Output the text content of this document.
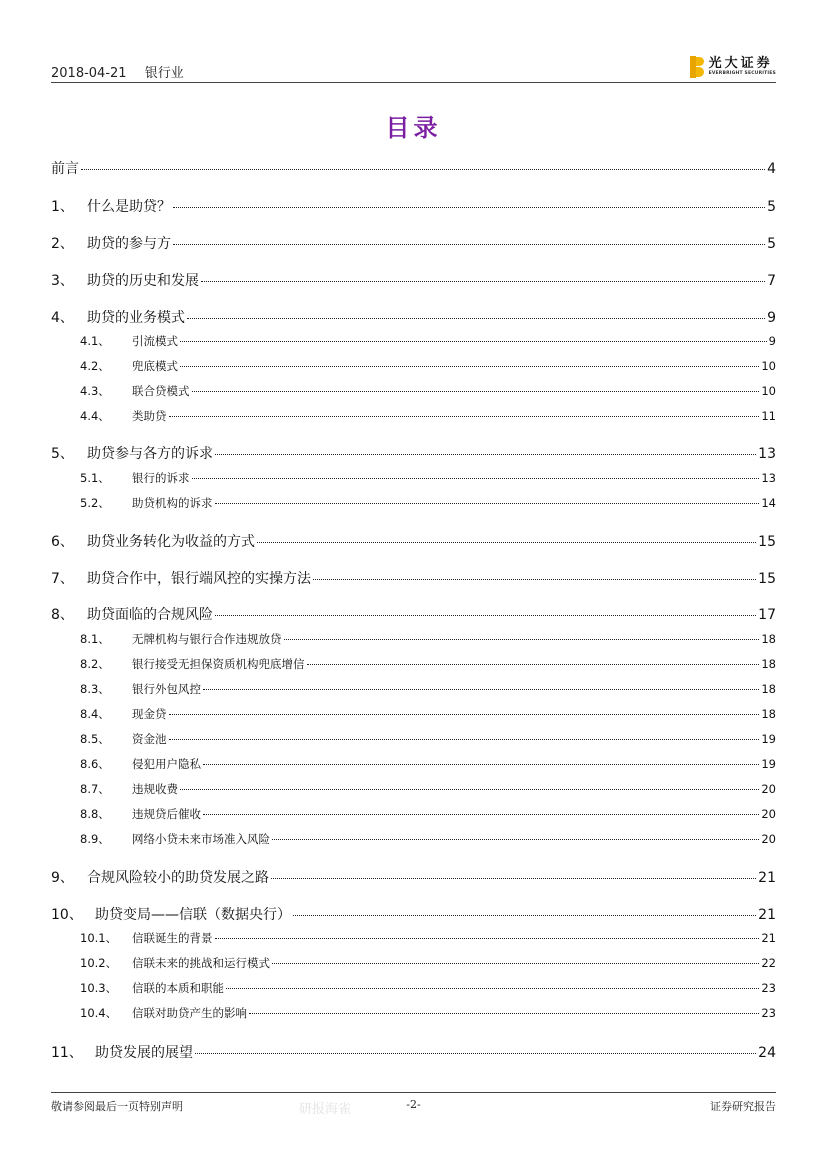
2018-04-21 银行业
光大证券
EVERBRIGHT SECURITIES
目录
前言	4
1、 什么是助贷？	5
2、 助贷的参与方	5
3、 助贷的历史和发展	7
4、 助贷的业务模式	9
4.1、	引流模式	9
4.2、	兜底模式	10
4.3、	联合贷模式	10
4.4、	类助贷	11
5、 助贷参与各方的诉求	13
5.1、	银行的诉求	13
5.2、	助贷机构的诉求	14
6、 助贷业务转化为收益的方式	15
7、 助贷合作中，银行端风控的实操方法	15
8、 助贷面临的合规风险	17
8.1、	无牌机构与银行合作违规放贷	18
8.2、	银行接受无担保资质机构兜底增信	18
8.3、	银行外包风控	18
8.4、	现金贷	18
8.5、	资金池	19
8.6、	侵犯用户隐私	19
8.7、	违规收费	20
8.8、	违规贷后催收	20
8.9、	网络小贷未来市场准入风险	20
9、 合规风险较小的助贷发展之路	21
10、 助贷变局——信联（数据央行）	21
10.1、	信联诞生的背景	21
10.2、	信联未来的挑战和运行模式	22
10.3、	信联的本质和职能	23
10.4、	信联对助贷产生的影响	23
11、 助贷发展的展望	24
敬请参阅最后一页特别声明	研报海雀	-2-	证券研究报告
